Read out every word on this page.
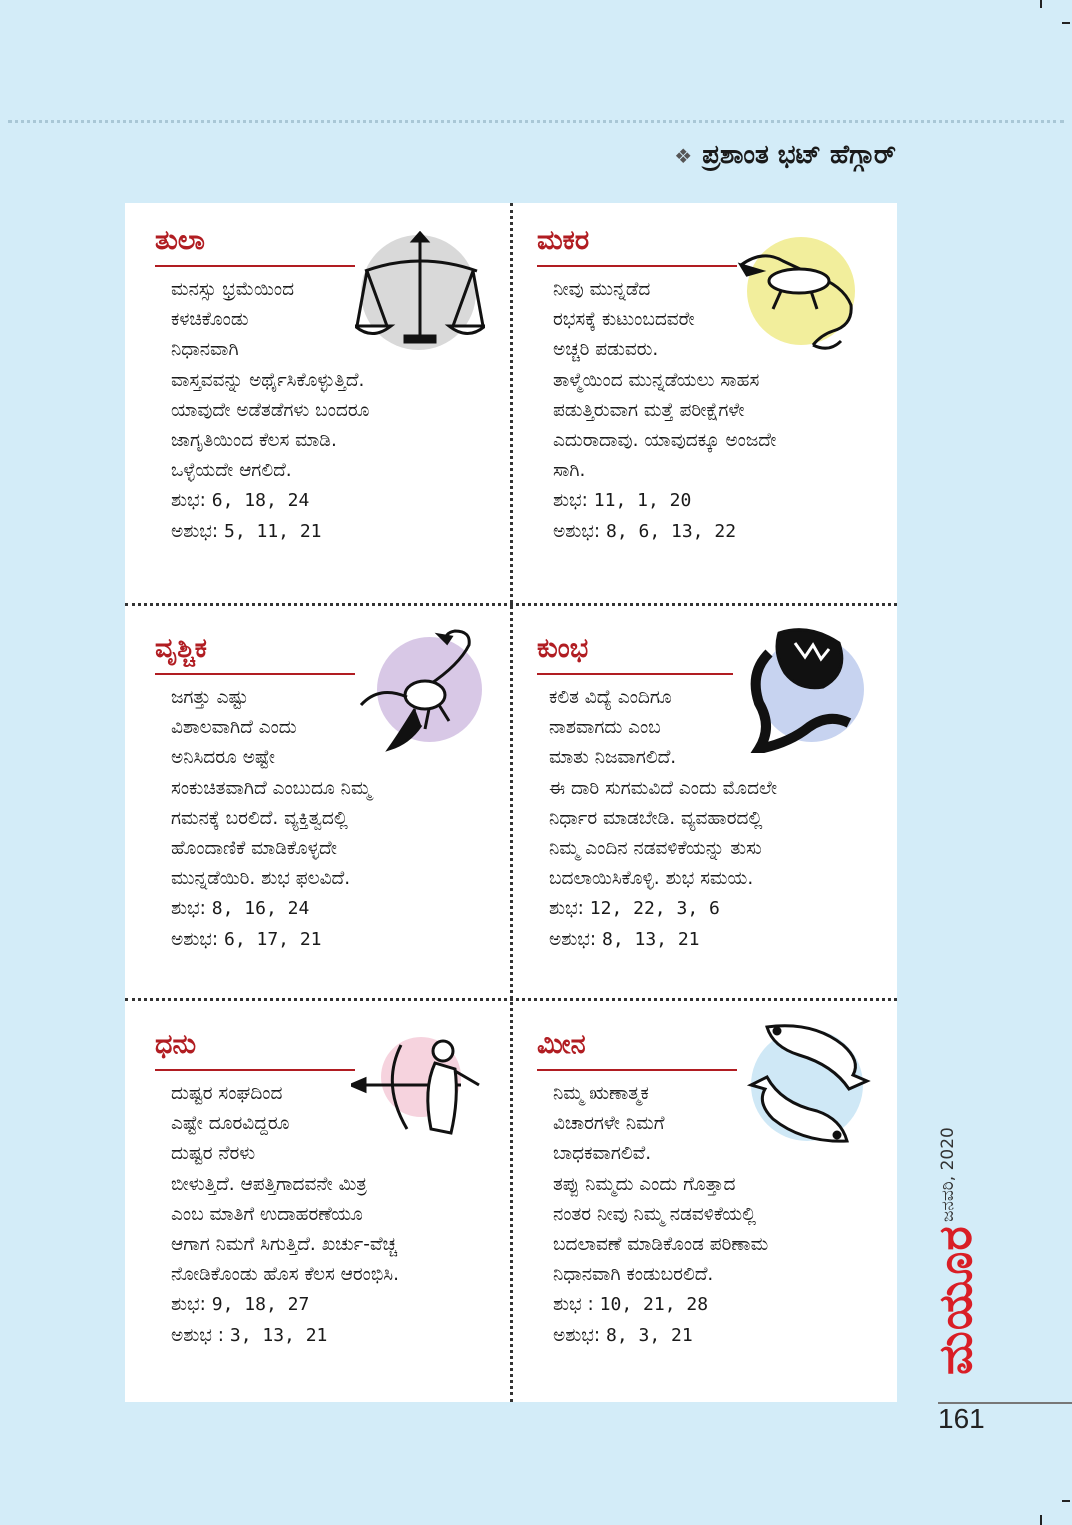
❖ ಪ್ರಶಾಂತ ಭಟ್ ಹೆಗ್ಗಾರ್
ತುಲಾ
ಮನಸ್ಸು ಭ್ರಮೆಯಿಂದ
ಕಳಚಿಕೊಂಡು
ನಿಧಾನವಾಗಿ
ವಾಸ್ತವವನ್ನು ಅರ್ಥೈಸಿಕೊಳ್ಳುತ್ತಿದೆ.
ಯಾವುದೇ ಅಡೆತಡೆಗಳು ಬಂದರೂ
ಜಾಗೃತಿಯಿಂದ ಕೆಲಸ ಮಾಡಿ.
ಒಳ್ಳೆಯದೇ ಆಗಲಿದೆ.
ಶುಭ: 6, 18, 24
ಅಶುಭ: 5, 11, 21
ಮಕರ
ನೀವು ಮುನ್ನಡೆದ
ರಭಸಕ್ಕೆ ಕುಟುಂಬದವರೇ
ಅಚ್ಚರಿ ಪಡುವರು.
ತಾಳ್ಮೆಯಿಂದ ಮುನ್ನಡೆಯಲು ಸಾಹಸ
ಪಡುತ್ತಿರುವಾಗ ಮತ್ತೆ ಪರೀಕ್ಷೆಗಳೇ
ಎದುರಾದಾವು. ಯಾವುದಕ್ಕೂ ಅಂಜದೇ
ಸಾಗಿ.
ಶುಭ: 11, 1, 20
ಅಶುಭ: 8, 6, 13, 22
ವೃಶ್ಚಿಕ
ಜಗತ್ತು ಎಷ್ಟು
ವಿಶಾಲವಾಗಿದೆ ಎಂದು
ಅನಿಸಿದರೂ ಅಷ್ಟೇ
ಸಂಕುಚಿತವಾಗಿದೆ ಎಂಬುದೂ ನಿಮ್ಮ
ಗಮನಕ್ಕೆ ಬರಲಿದೆ. ವ್ಯಕ್ತಿತ್ವದಲ್ಲಿ
ಹೊಂದಾಣಿಕೆ ಮಾಡಿಕೊಳ್ಳದೇ
ಮುನ್ನಡೆಯಿರಿ. ಶುಭ ಫಲವಿದೆ.
ಶುಭ: 8, 16, 24
ಅಶುಭ: 6, 17, 21
ಕುಂಭ
ಕಲಿತ ವಿದ್ಯೆ ಎಂದಿಗೂ
ನಾಶವಾಗದು ಎಂಬ
ಮಾತು ನಿಜವಾಗಲಿದೆ.
ಈ ದಾರಿ ಸುಗಮವಿದೆ ಎಂದು ಮೊದಲೇ
ನಿರ್ಧಾರ ಮಾಡಬೇಡಿ. ವ್ಯವಹಾರದಲ್ಲಿ
ನಿಮ್ಮ ಎಂದಿನ ನಡವಳಿಕೆಯನ್ನು ತುಸು
ಬದಲಾಯಿಸಿಕೊಳ್ಳಿ. ಶುಭ ಸಮಯ.
ಶುಭ: 12, 22, 3, 6
ಅಶುಭ: 8, 13, 21
ಧನು
ದುಷ್ಟರ ಸಂಘದಿಂದ
ಎಷ್ಟೇ ದೂರವಿದ್ದರೂ
ದುಷ್ಟರ ನೆರಳು
ಬೀಳುತ್ತಿದೆ. ಆಪತ್ತಿಗಾದವನೇ ಮಿತ್ರ
ಎಂಬ ಮಾತಿಗೆ ಉದಾಹರಣೆಯೂ
ಆಗಾಗ ನಿಮಗೆ ಸಿಗುತ್ತಿದೆ. ಖರ್ಚು-ವೆಚ್ಚ
ನೋಡಿಕೊಂಡು ಹೊಸ ಕೆಲಸ ಆರಂಭಿಸಿ.
ಶುಭ: 9, 18, 27
ಅಶುಭ : 3, 13, 21
ಮೀನ
ನಿಮ್ಮ ಋಣಾತ್ಮಕ
ವಿಚಾರಗಳೇ ನಿಮಗೆ
ಬಾಧಕವಾಗಲಿವೆ.
ತಪ್ಪು ನಿಮ್ಮದು ಎಂದು ಗೊತ್ತಾದ
ನಂತರ ನೀವು ನಿಮ್ಮ ನಡವಳಿಕೆಯಲ್ಲಿ
ಬದಲಾವಣೆ ಮಾಡಿಕೊಂಡ ಪರಿಣಾಮ
ನಿಧಾನವಾಗಿ ಕಂಡುಬರಲಿದೆ.
ಶುಭ : 10, 21, 28
ಅಶುಭ: 8, 3, 21
ಜನವರಿ, 2020
ಮಯೂರ
161
